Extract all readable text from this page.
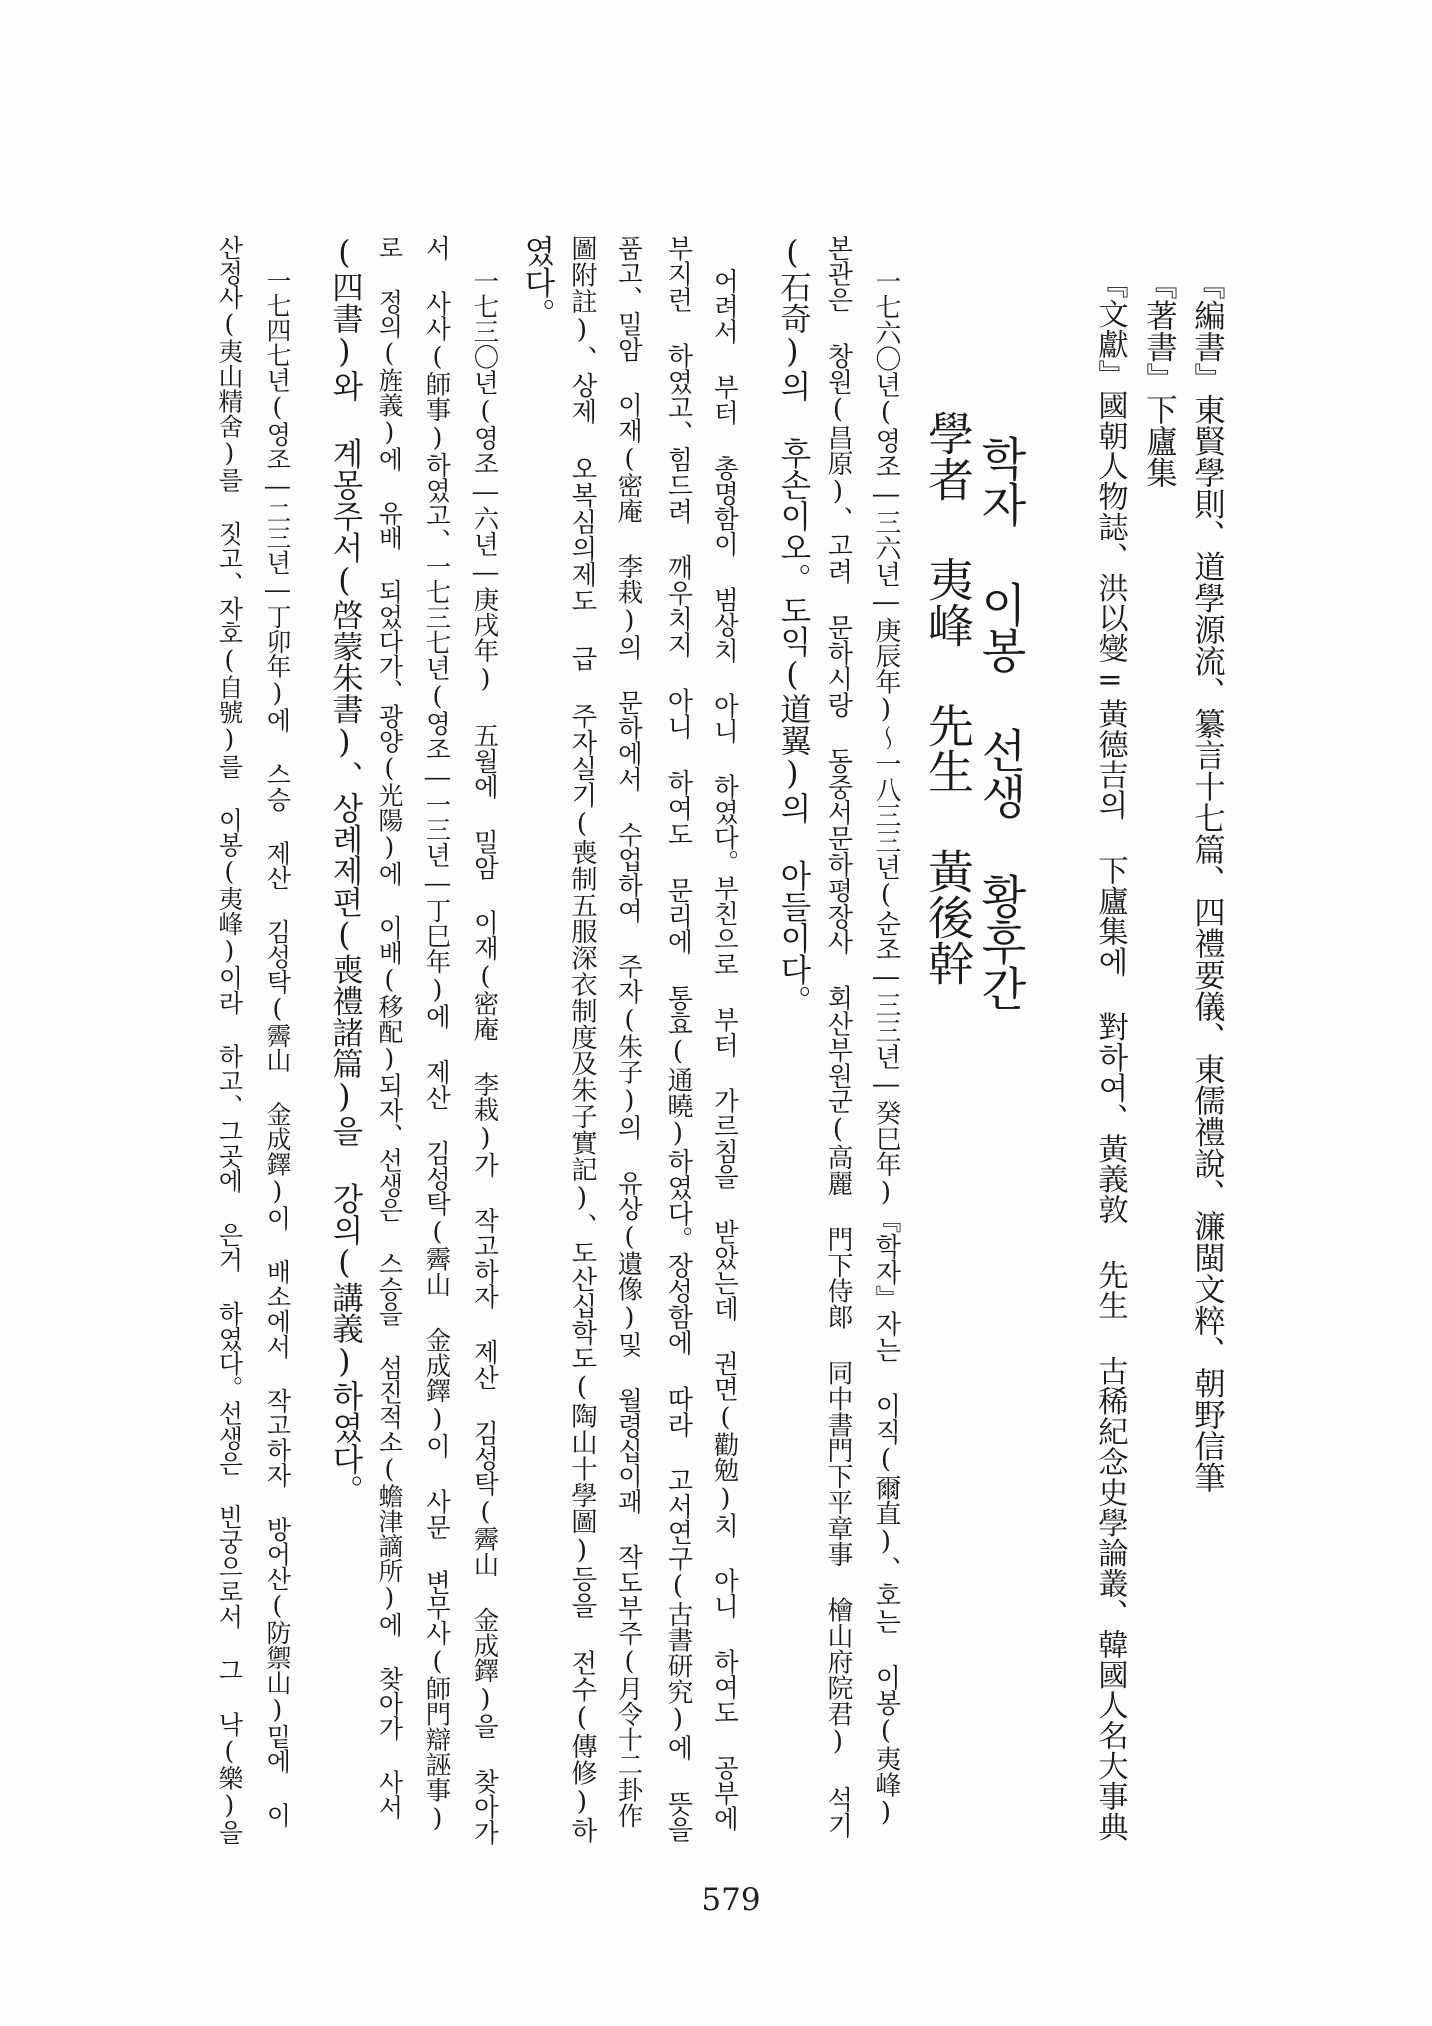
『編書』東賢學則、道學源流、纂言十七篇、四禮要儀、東儒禮說、濂閩文粹、朝野信筆
『著書』下廬集
『文獻』國朝人物誌、洪以燮=黃德吉의 下廬集에 對하여、黃義敦 先生 古稀紀念史學論叢、韓國人名大事典
학자 이봉 선생 황후간
學者 夷峰 先生 黃後幹
一七六〇년(영조―三六년―庚辰年)～一八三三년(순조―三三년―癸巳年)『학자』자는 이직(爾直)、호는 이봉(夷峰)
본관은 창원(昌原)、고려 문하시랑 동중서문하평장사 회산부원군(高麗 門下侍郞 同中書門下平章事 檜山府院君) 석기
(石奇)의 후손이오。도익(道翼)의 아들이다。
어려서 부터 총명함이 범상치 아니 하였다。부친으로 부터 가르침을 받았는데 권면(勸勉)치 아니 하여도 공부에
부지런 하였고、힘드려 깨우치지 아니 하여도 문리에 통효(通曉)하였다。장성함에 따라 고서연구(古書研究)에 뜻을
품고、밀암 이재(密庵 李栽)의 문하에서 수업하여 주자(朱子)의 유상(遺像)및 월령십이괘 작도부주(月令十二卦作
圖附註)、상제 오복심의제도 급 주자실기(喪制五服深衣制度及朱子實記)、도산십학도(陶山十學圖)등을 전수(傳修)하
였다。
一七三〇년(영조―六년―庚戌年) 五월에 밀암 이재(密庵 李栽)가 작고하자 제산 김성탁(霽山 金成鐸)을 찾아가
서 사사(師事)하였고、一七三七년(영조―一三년―丁巳年)에 제산 김성탁(霽山 金成鐸)이 사문 변무사(師門辯誣事)
로 정의(旌義)에 유배 되었다가、광양(光陽)에 이배(移配)되자、선생은 스승을 섬진적소(蟾津謫所)에 찾아가 사서
(四書)와 계몽주서(啓蒙朱書)、상례제편(喪禮諸篇)을 강의(講義)하였다。
一七四七년(영조―二三년―丁卯年)에 스승 제산 김성탁(霽山 金成鐸)이 배소에서 작고하자 방어산(防禦山)밑에 이
산정사(夷山精舍)를 짓고、자호(自號)를 이봉(夷峰)이라 하고、그곳에 은거 하였다。선생은 빈궁으로서 그 낙(樂)을
579
